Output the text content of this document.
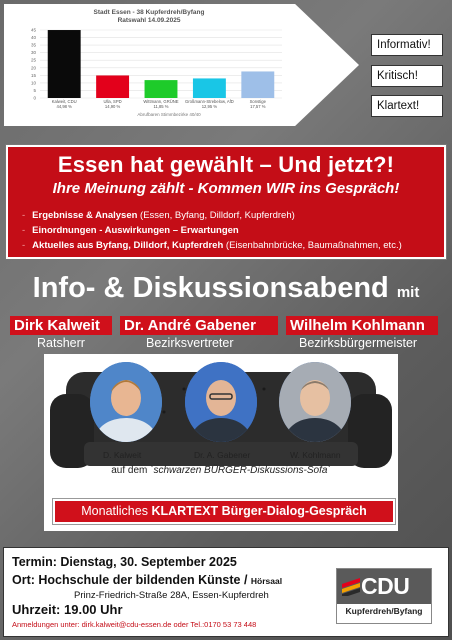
0
5
10
15
20
25
30
35
40
45
Kalweit, CDU
44,98 %
Ulla, SPD
14,90 %
Wittmann, GRÜNE
11,85 %
Großmann-Strebelow, AfD
12,95 %
Sonstige
17,57 %
Stadt Essen - 38 Kupferdreh/Byfang
Ratswahl 14.09.2025
Abrufbaren Stimmbezirke 40/40
Informativ!
Kritisch!
Klartext!
Essen hat gewählt – Und jetzt?!
Ihre Meinung zählt - Kommen WIR ins Gespräch!
- Ergebnisse & Analysen (Essen, Byfang, Dilldorf, Kupferdreh)
- Einordnungen - Auswirkungen – Erwartungen
- Aktuelles aus Byfang, Dilldorf, Kupferdreh (Eisenbahnbrücke, Baumaßnahmen, etc.)
Info- & Diskussionsabend mit
Dirk Kalweit Dr. André Gabener Wilhelm Kohlmann
Ratsherr	Bezirksvertreter	Bezirksbürgermeister
D. Kalweit	Dr. A. Gabener	W. Kohlmann
auf dem `schwarzen BÜRGER-Diskussions-Sofa`
Monatliches KLARTEXT Bürger-Dialog-Gespräch
Termin: Dienstag, 30. September 2025
Ort: Hochschule der bildenden Künste / Hörsaal
Prinz-Friedrich-Straße 28A, Essen-Kupferdreh
Uhrzeit: 19.00 Uhr
Anmeldungen unter: dirk.kalweit@cdu-essen.de oder Tel.:0170 53 73 448
CDU
Kupferdreh/Byfang
